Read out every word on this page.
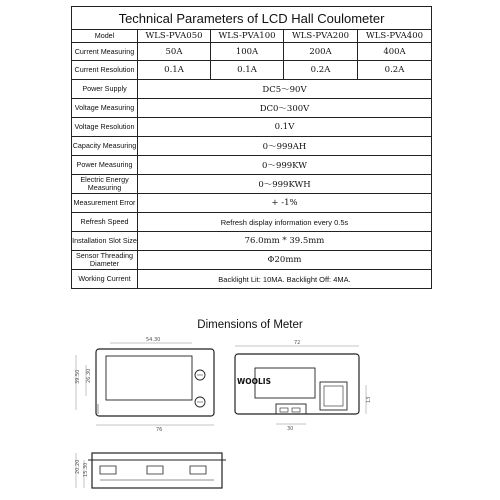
Technical Parameters of LCD Hall Coulometer				
Model	WLS-PVA050	WLS-PVA100	WLS-PVA200	WLS-PVA400
Current Measuring	50A	100A	200A	400A
Current Resolution	0.1A	0.1A	0.2A	0.2A
Power Supply	DC5～90V			
Voltage Measuring	DC0～300V			
Voltage Resolution	0.1V			
Capacity Measuring	0～999AH			
Power Measuring	0～999KW			
Electric Energy Measuring	0～999KWH			
Measurement Error	+ -1%			
Refresh Speed	Refresh display information every 0.5s			
Installation Slot Size	76.0mm * 39.5mm			
Sensor Threading Diameter	Φ20mm			
Working Current	Backlight Lit: 10MA. Backlight Off: 4MA.			
Dimensions of Meter
54.30
26.30
39.50
76
WOOLIS
72
30
13
20.20 15.30
